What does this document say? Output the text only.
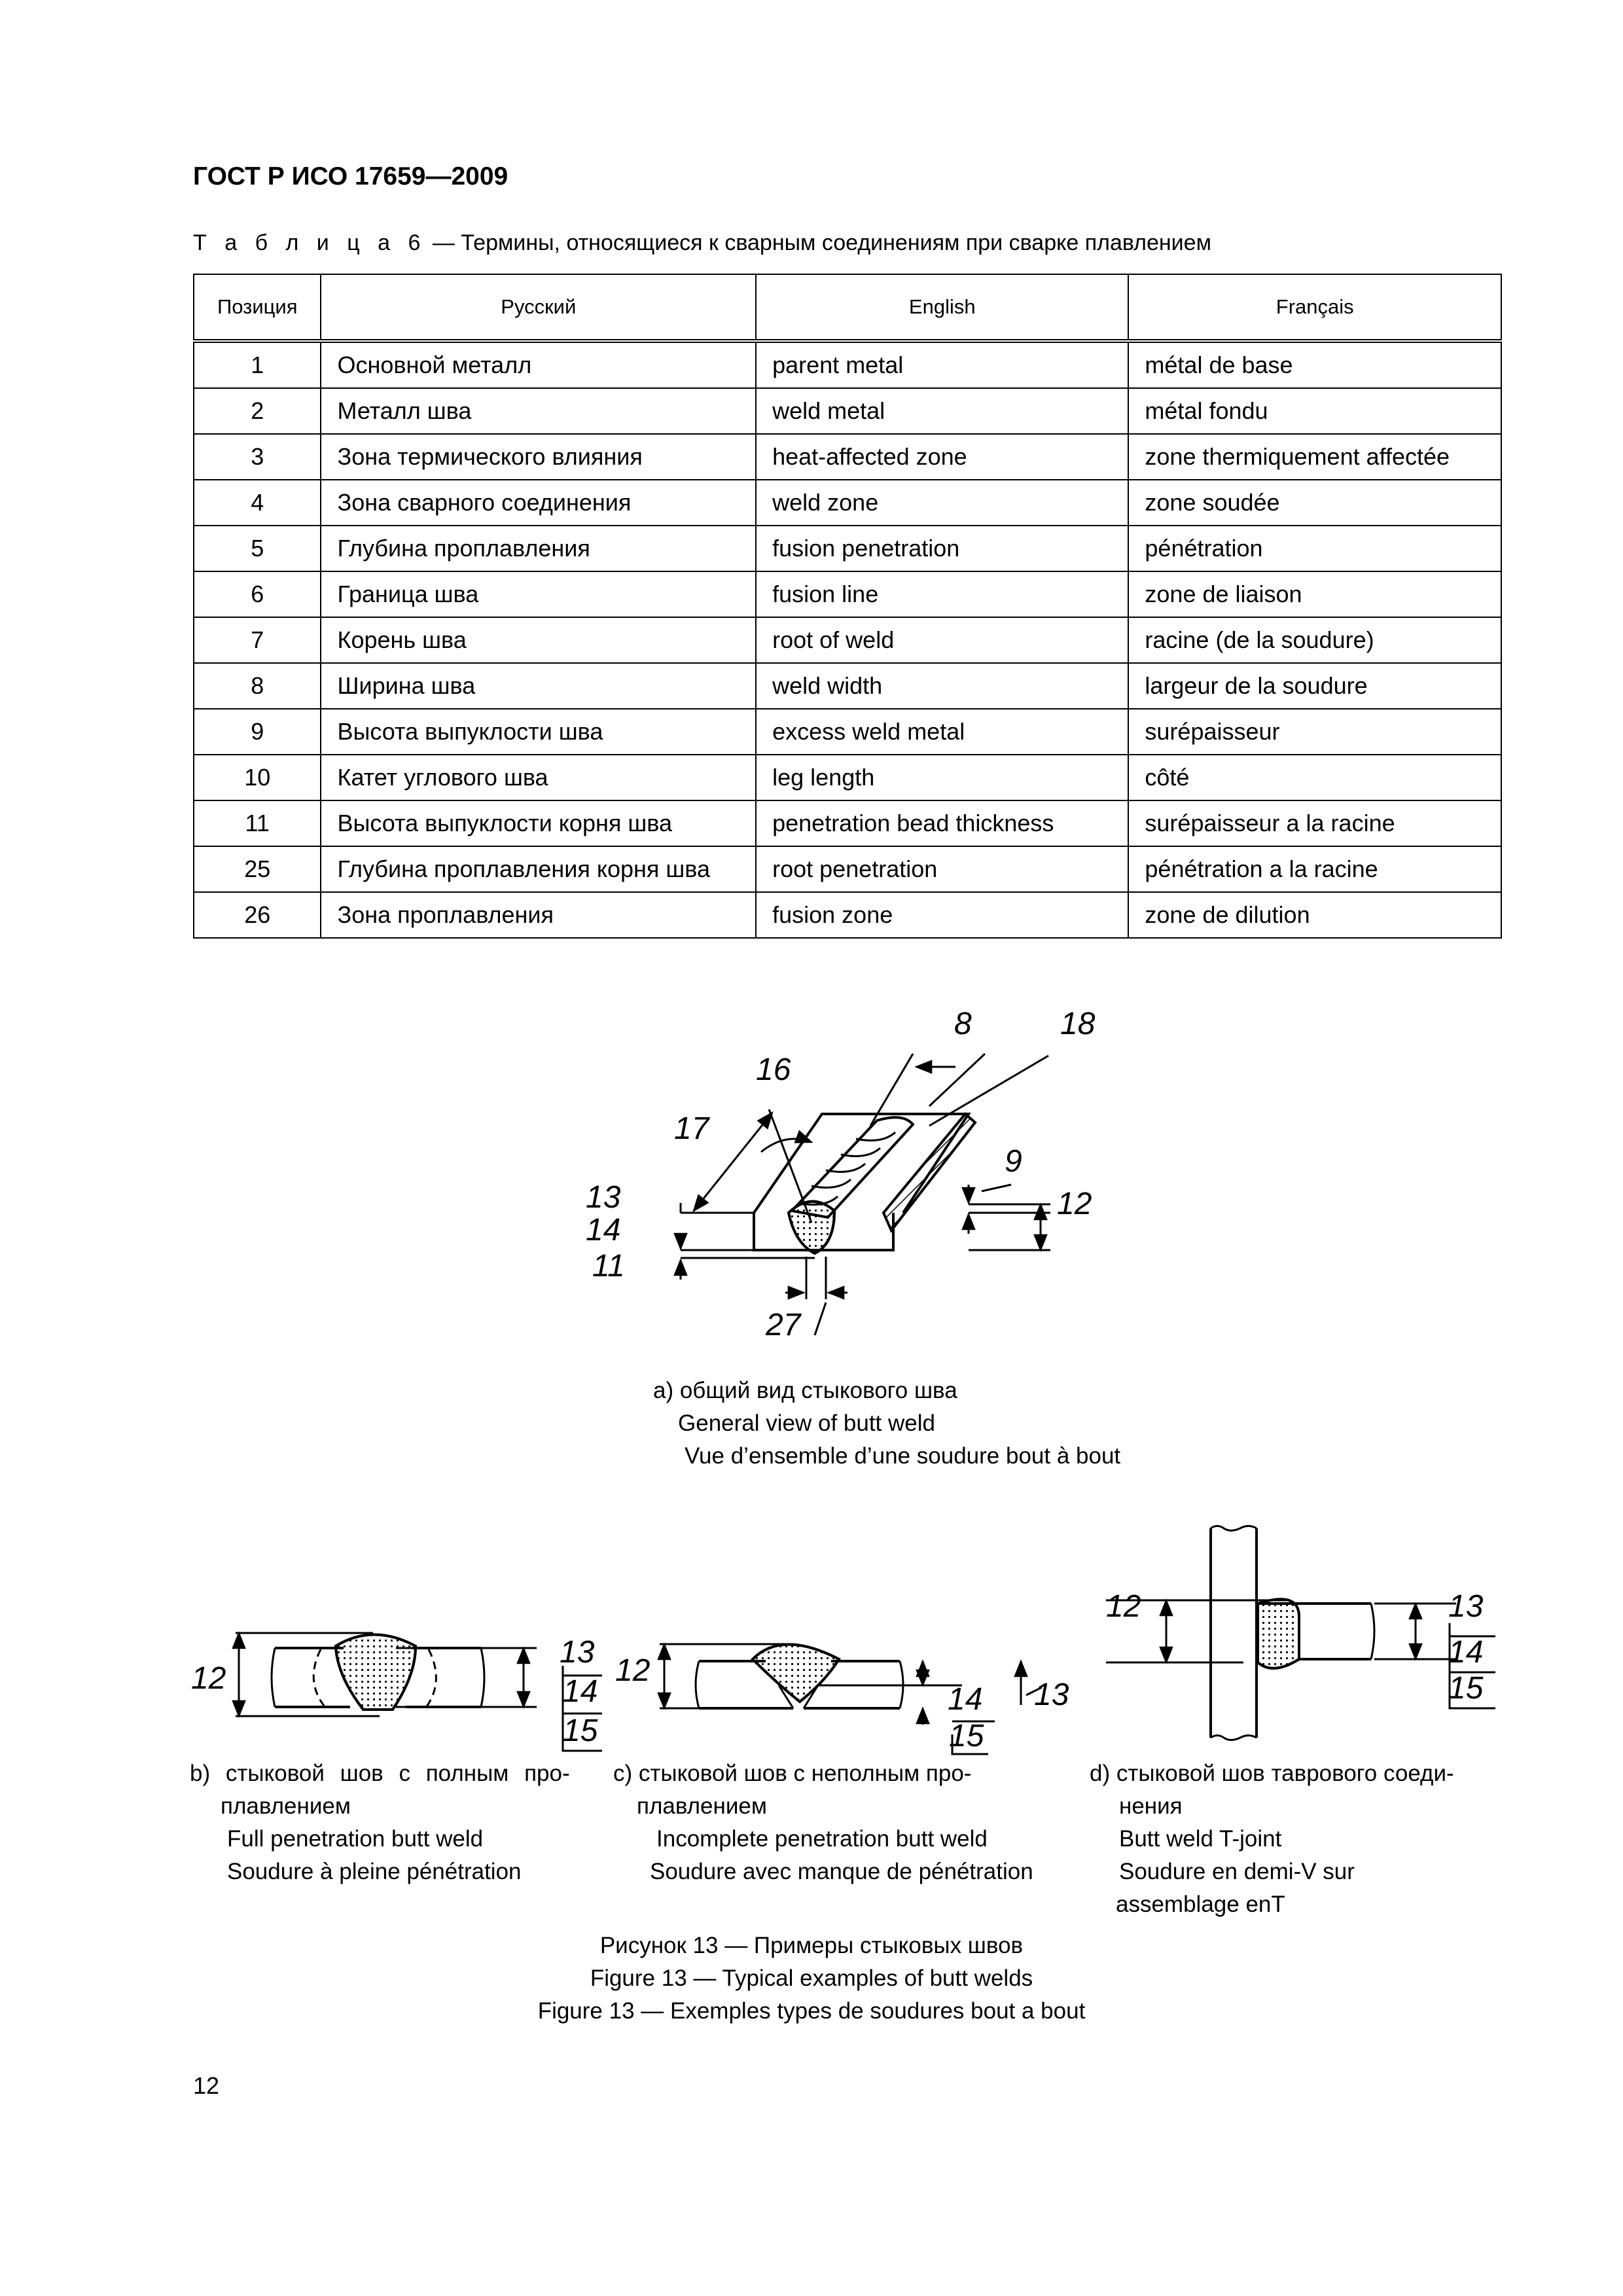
ГОСТ Р ИСО 17659—2009
Т а б л и ц а 6 — Термины, относящиеся к сварным соединениям при сварке плавлением
Позиция	Русский	English	Français
1	Основной металл	parent metal	métal de base
2	Металл шва	weld metal	métal fondu
3	Зона термического влияния	heat-affected zone	zone thermiquement affectée
4	Зона сварного соединения	weld zone	zone soudée
5	Глубина проплавления	fusion penetration	pénétration
6	Граница шва	fusion line	zone de liaison
7	Корень шва	root of weld	racine (de la soudure)
8	Ширина шва	weld width	largeur de la soudure
9	Высота выпуклости шва	excess weld metal	surépaisseur
10	Катет углового шва	leg length	côté
11	Высота выпуклости корня шва	penetration bead thickness	surépaisseur a la racine
25	Глубина проплавления корня шва	root penetration	pénétration a la racine
26	Зона проплавления	fusion zone	zone de dilution
8	18
16
17
9
13
14
11
12
27
12
13
14
15
12
14 13
15
12	13
14
15
а) общий вид стыкового шва
General view of butt weld
Vue d’ensemble d’une soudure bout à bout
b) стыковой шов с полным про-
плавлением
Full penetration butt weld
Soudure à pleine pénétration
с) стыковой шов с неполным про-
плавлением
Incomplete penetration butt weld
Soudure avec manque de pénétration
d) стыковой шов таврового соеди-
нения
Butt weld T-joint
Soudure en demi-V sur
assemblage enT
Рисунок 13 — Примеры стыковых швов
Figure 13 — Typical examples of butt welds
Figure 13 — Exemples types de soudures bout a bout
12
